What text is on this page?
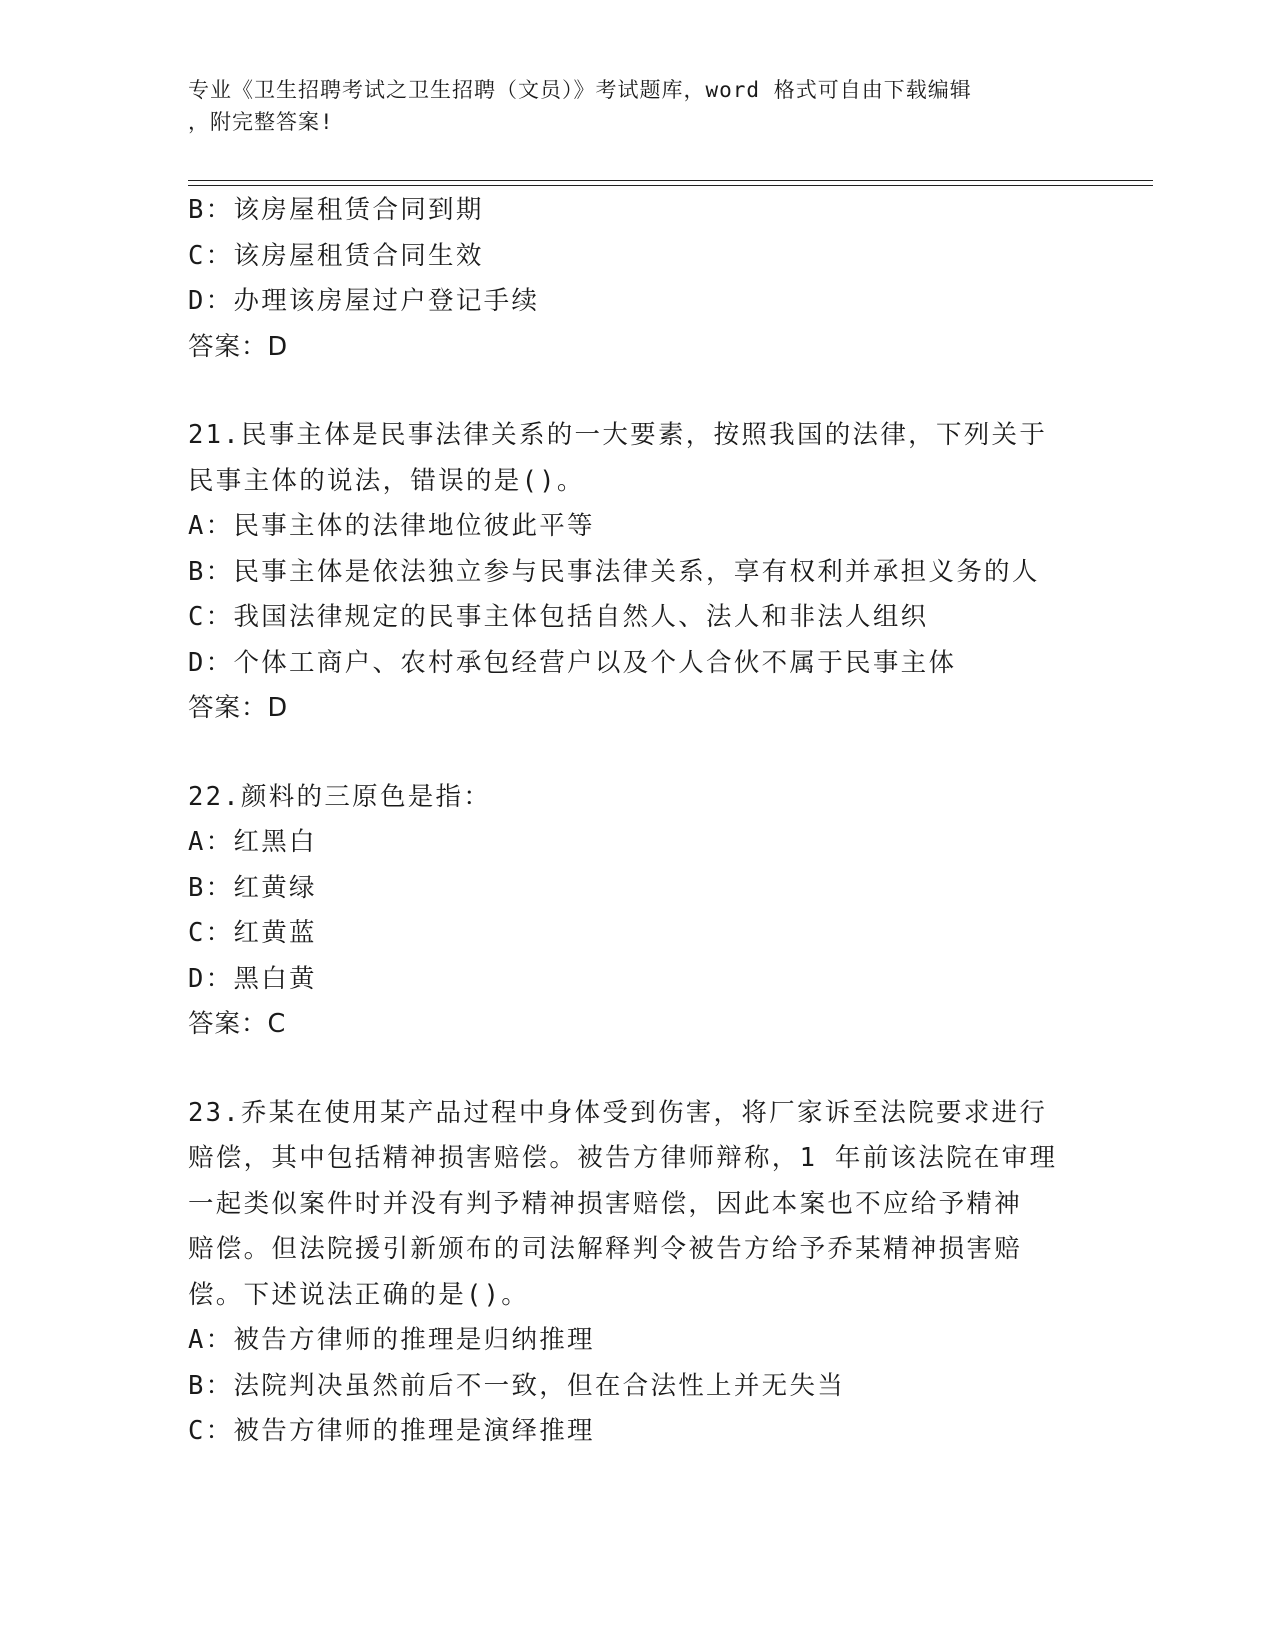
专业《卫生招聘考试之卫生招聘（文员）》考试题库，word 格式可自由下载编辑
，附完整答案!
B：该房屋租赁合同到期
C：该房屋租赁合同生效
D：办理该房屋过户登记手续
答案：D
21.民事主体是民事法律关系的一大要素，按照我国的法律，下列关于
民事主体的说法，错误的是()。
A：民事主体的法律地位彼此平等
B：民事主体是依法独立参与民事法律关系，享有权利并承担义务的人
C：我国法律规定的民事主体包括自然人、法人和非法人组织
D：个体工商户、农村承包经营户以及个人合伙不属于民事主体
答案：D
22.颜料的三原色是指：
A：红黑白
B：红黄绿
C：红黄蓝
D：黑白黄
答案：C
23.乔某在使用某产品过程中身体受到伤害，将厂家诉至法院要求进行
赔偿，其中包括精神损害赔偿。被告方律师辩称，1 年前该法院在审理
一起类似案件时并没有判予精神损害赔偿，因此本案也不应给予精神
赔偿。但法院援引新颁布的司法解释判令被告方给予乔某精神损害赔
偿。下述说法正确的是()。
A：被告方律师的推理是归纳推理
B：法院判决虽然前后不一致，但在合法性上并无失当
C：被告方律师的推理是演绎推理
